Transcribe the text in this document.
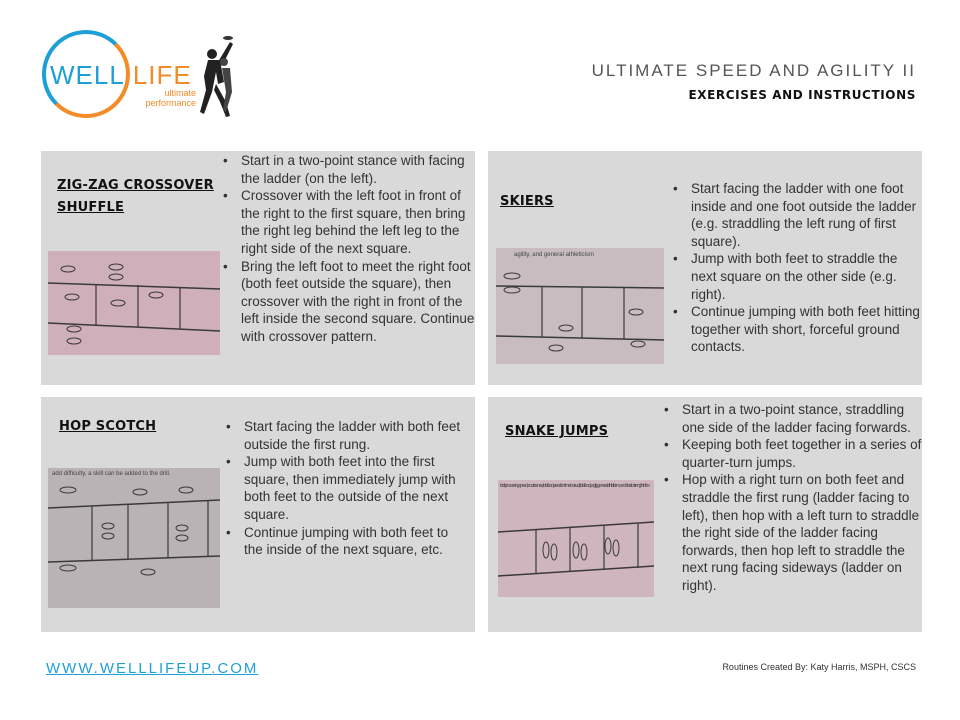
WELL LIFE
ultimate
performance
ULTIMATE SPEED AND AGILITY II
EXERCISES AND INSTRUCTIONS
ZIG-ZAG CROSSOVER
SHUFFLE
• Start in a two-point stance with facing the ladder (on the left).
• Crossover with the left foot in front of the right to the first square, then bring the right leg behind the left leg to the right side of the next square.
• Bring the left foot to meet the right foot (both feet outside the square), then crossover with the right in front of the left inside the second square. Continue with crossover pattern.
SKIERS
agility, and general athleticism
• Start facing the ladder with one foot inside and one foot outside the ladder (e.g. straddling the left rung of first square).
• Jump with both feet to straddle the next square on the other side (e.g. right).
• Continue jumping with both feet hitting together with short, forceful ground contacts.
HOP SCOTCH
add difficulty, a skill can be added to the drill.
• Start facing the ladder with both feet outside the first rung.
• Jump with both feet into the first square, then immediately jump with both feet to the outside of the next square.
• Continue jumping with both feet to the inside of the next square, etc.
SNAKE JUMPS
total processing speed, court sense, total-body reaction time to visual, total-body agility, general athleticism, and elastic strength to the
• Start in a two-point stance, straddling one side of the ladder facing forwards.
• Keeping both feet together in a series of quarter-turn jumps.
• Hop with a right turn on both feet and straddle the first rung (ladder facing to left), then hop with a left turn to straddle the right side of the ladder facing forwards, then hop left to straddle the next rung facing sideways (ladder on right).
WWW.WELLLIFEUP.COM	Routines Created By: Katy Harris, MSPH, CSCS
